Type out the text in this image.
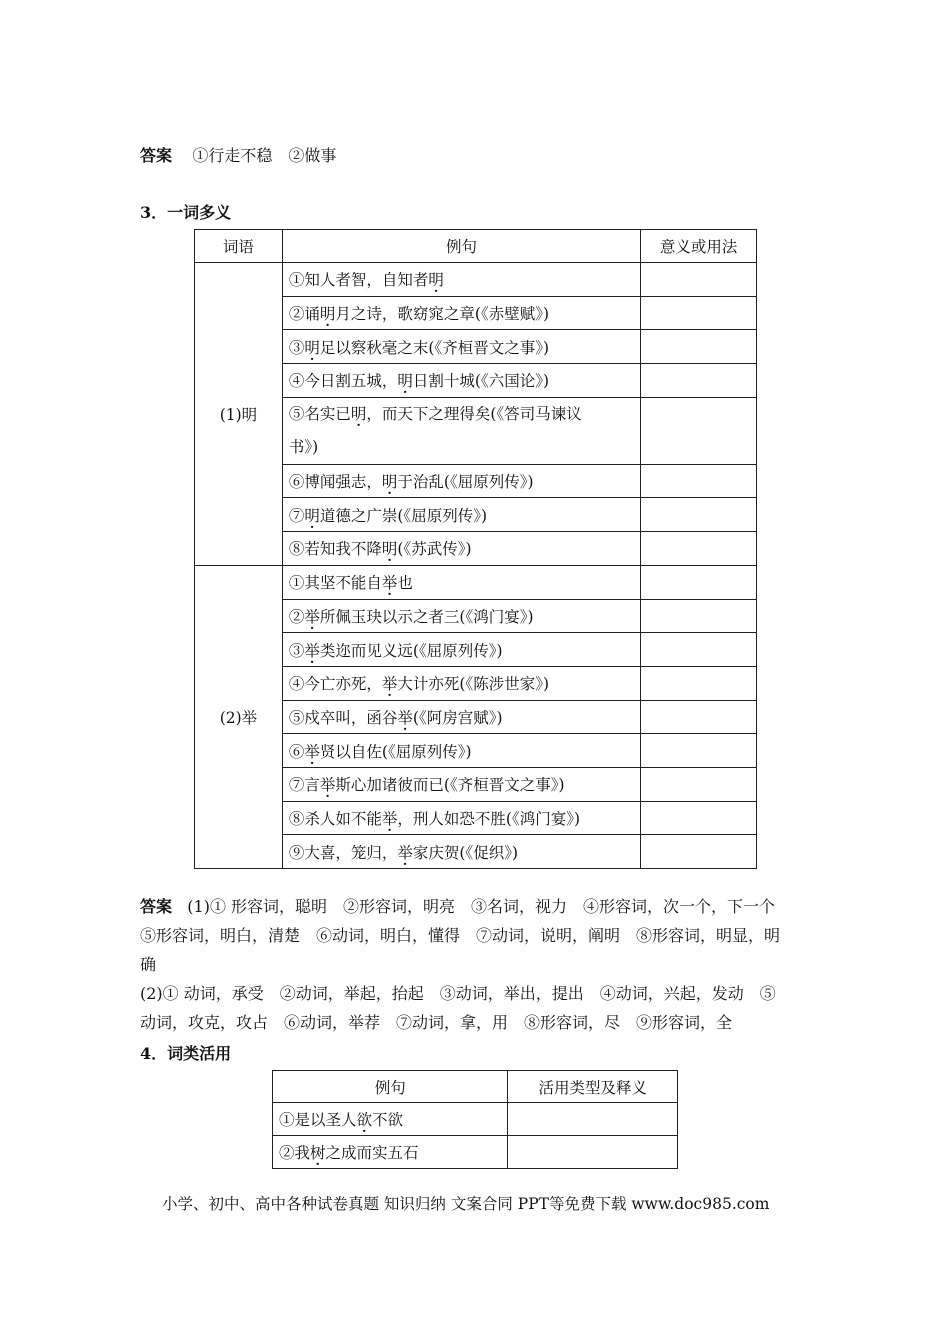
答案 ①行走不稳　②做事
3．一词多义
词语	例句	意义或用法
(1)明	①知人者智，自知者明	
	②诵明月之诗，歌窈窕之章(《赤壁赋》)	
	③明足以察秋毫之末(《齐桓晋文之事》)	
	④今日割五城，明日割十城(《六国论》)	
	⑤名实已明，而天下之理得矣(《答司马谏议
书》)	
	⑥博闻强志，明于治乱(《屈原列传》)	
	⑦明道德之广崇(《屈原列传》)	
	⑧若知我不降明(《苏武传》)	
(2)举	①其坚不能自举也	
	②举所佩玉玦以示之者三(《鸿门宴》)	
	③举类迩而见义远(《屈原列传》)	
	④今亡亦死，举大计亦死(《陈涉世家》)	
	⑤戍卒叫，函谷举(《阿房宫赋》)	
	⑥举贤以自佐(《屈原列传》)	
	⑦言举斯心加诸彼而已(《齐桓晋文之事》)	
	⑧杀人如不能举，刑人如恐不胜(《鸿门宴》)	
	⑨大喜，笼归，举家庆贺(《促织》)	
答案 (1)① 形容词，聪明　②形容词，明亮　③名词，视力　④形容词，次一个，下一个
⑤形容词，明白，清楚　⑥动词，明白，懂得　⑦动词，说明，阐明　⑧形容词，明显，明
确
(2)① 动词，承受　②动词，举起，抬起　③动词，举出，提出　④动词，兴起，发动　⑤
动词，攻克，攻占　⑥动词，举荐　⑦动词，拿，用　⑧形容词，尽　⑨形容词，全
4．词类活用
例句	活用类型及释义
①是以圣人欲不欲	
②我树之成而实五石	
小学、初中、高中各种试卷真题 知识归纳 文案合同 PPT等免费下载 www.doc985.com
